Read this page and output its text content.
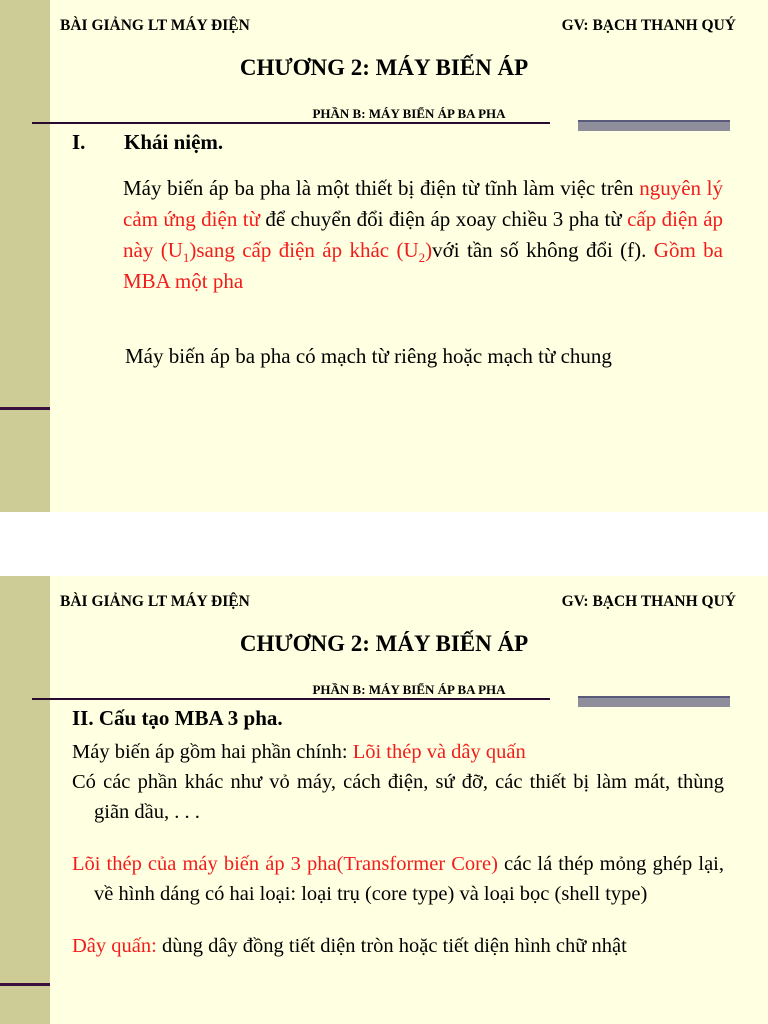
BÀI GIẢNG LT MÁY ĐIỆN	GV: BẠCH THANH QUÝ
CHƯƠNG 2: MÁY BIẾN ÁP
PHẦN B: MÁY BIẾN ÁP BA PHA
I. Khái niệm.
Máy biến áp ba pha là một thiết bị điện từ tĩnh làm việc trên nguyên lý cảm ứng điện từ để chuyển đổi điện áp xoay chiều 3 pha từ cấp điện áp này $(U_1)sang$ cấp điện áp khác $(U_2)với$ tần số không đổi (f). Gồm ba MBA một pha
Máy biến áp ba pha có mạch từ riêng hoặc mạch từ chung
BÀI GIẢNG LT MÁY ĐIỆN	GV: BẠCH THANH QUÝ
CHƯƠNG 2: MÁY BIẾN ÁP
PHẦN B: MÁY BIẾN ÁP BA PHA
II. Cấu tạo MBA 3 pha.

Máy biến áp gồm hai phần chính: Lõi thép và dây quấn

Có các phần khác như vỏ máy, cách điện, sứ đỡ, các thiết bị làm mát, thùng giãn dầu, . . .

Lõi thép của máy biến áp 3 pha(Transformer Core) các lá thép mỏng ghép lại, về hình dáng có hai loại: loại trụ (core type) và loại bọc (shell type)

Dây quấn: dùng dây đồng tiết diện tròn hoặc tiết diện hình chữ nhật
